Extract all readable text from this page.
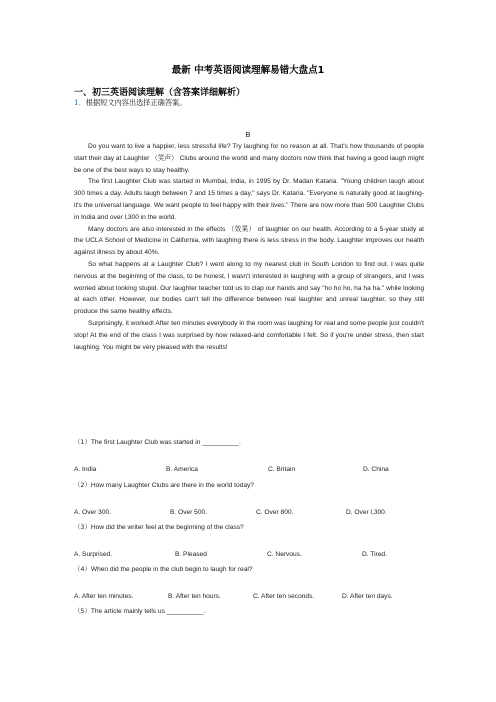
最新 中考英语阅读理解易错大盘点1
一、初三英语阅读理解（含答案详细解析）
1．根据短文内容出选择正确答案。
B

Do you want to live a happier, less stressful life? Try laughing for no reason at all. That's how thousands of people start their day at Laughter （笑声） Clubs around the world and many doctors now think that having a good laugh might be one of the best ways to stay healthy.

The first Laughter Club was started in Mumbai, India, in 1995 by Dr. Madan Kataria. "Young children laugh about 300 times a day. Adults laugh between 7 and 15 times a day," says Dr. Kataria. "Everyone is naturally good at laughing-it's the universal language. We want people to feel happy with their lives." There are now more than 500 Laughter Clubs in India and over l,300 in the world.

Many doctors are also interested in the effects （效果） of laughter on our health. According to a 5-year study at the UCLA School of Medicine in California, with laughing there is less stress in the body. Laughter improves our health against illness by about 40%.

So what happens at a Laughter Club? I went along to my nearest club in South London to find out. I was quite nervous at the beginning of the class, to be honest, I wasn't interested in laughing with a group of strangers, and I was worried about looking stupid. Our laughter teacher told us to clap our hands and say "ho ho ho, ha ha ha." while looking at each other. However, our bodies can't tell the difference between real laughter and unreal laughter, so they still produce the same healthy effects.

Surprisingly, it worked! After ten minutes everybody in the room was laughing for real and some people just couldn't stop! At the end of the class I was surprised by how relaxed-and comfortable I felt. So if you're under stress, then start laughing. You might be very pleased with the results!

（1）The first Laughter Club was started in __________.
A. India	B. America	C. Britain	D. China
（2）How many Laughter Clubs are there in the world today?
A. Over 300.	B. Over 500.	C. Over 800.	D. Over l,300.
（3）How did the writer feel at the beginning of the class?
A. Surprised.	B. Pleased	C. Nervous.	D. Tired.
（4）When did the people in the club begin to laugh for real?
A. After ten minutes.	B. After ten hours.	C. After ten seconds.	D. After ten days.
（5）The article mainly tells us __________.
